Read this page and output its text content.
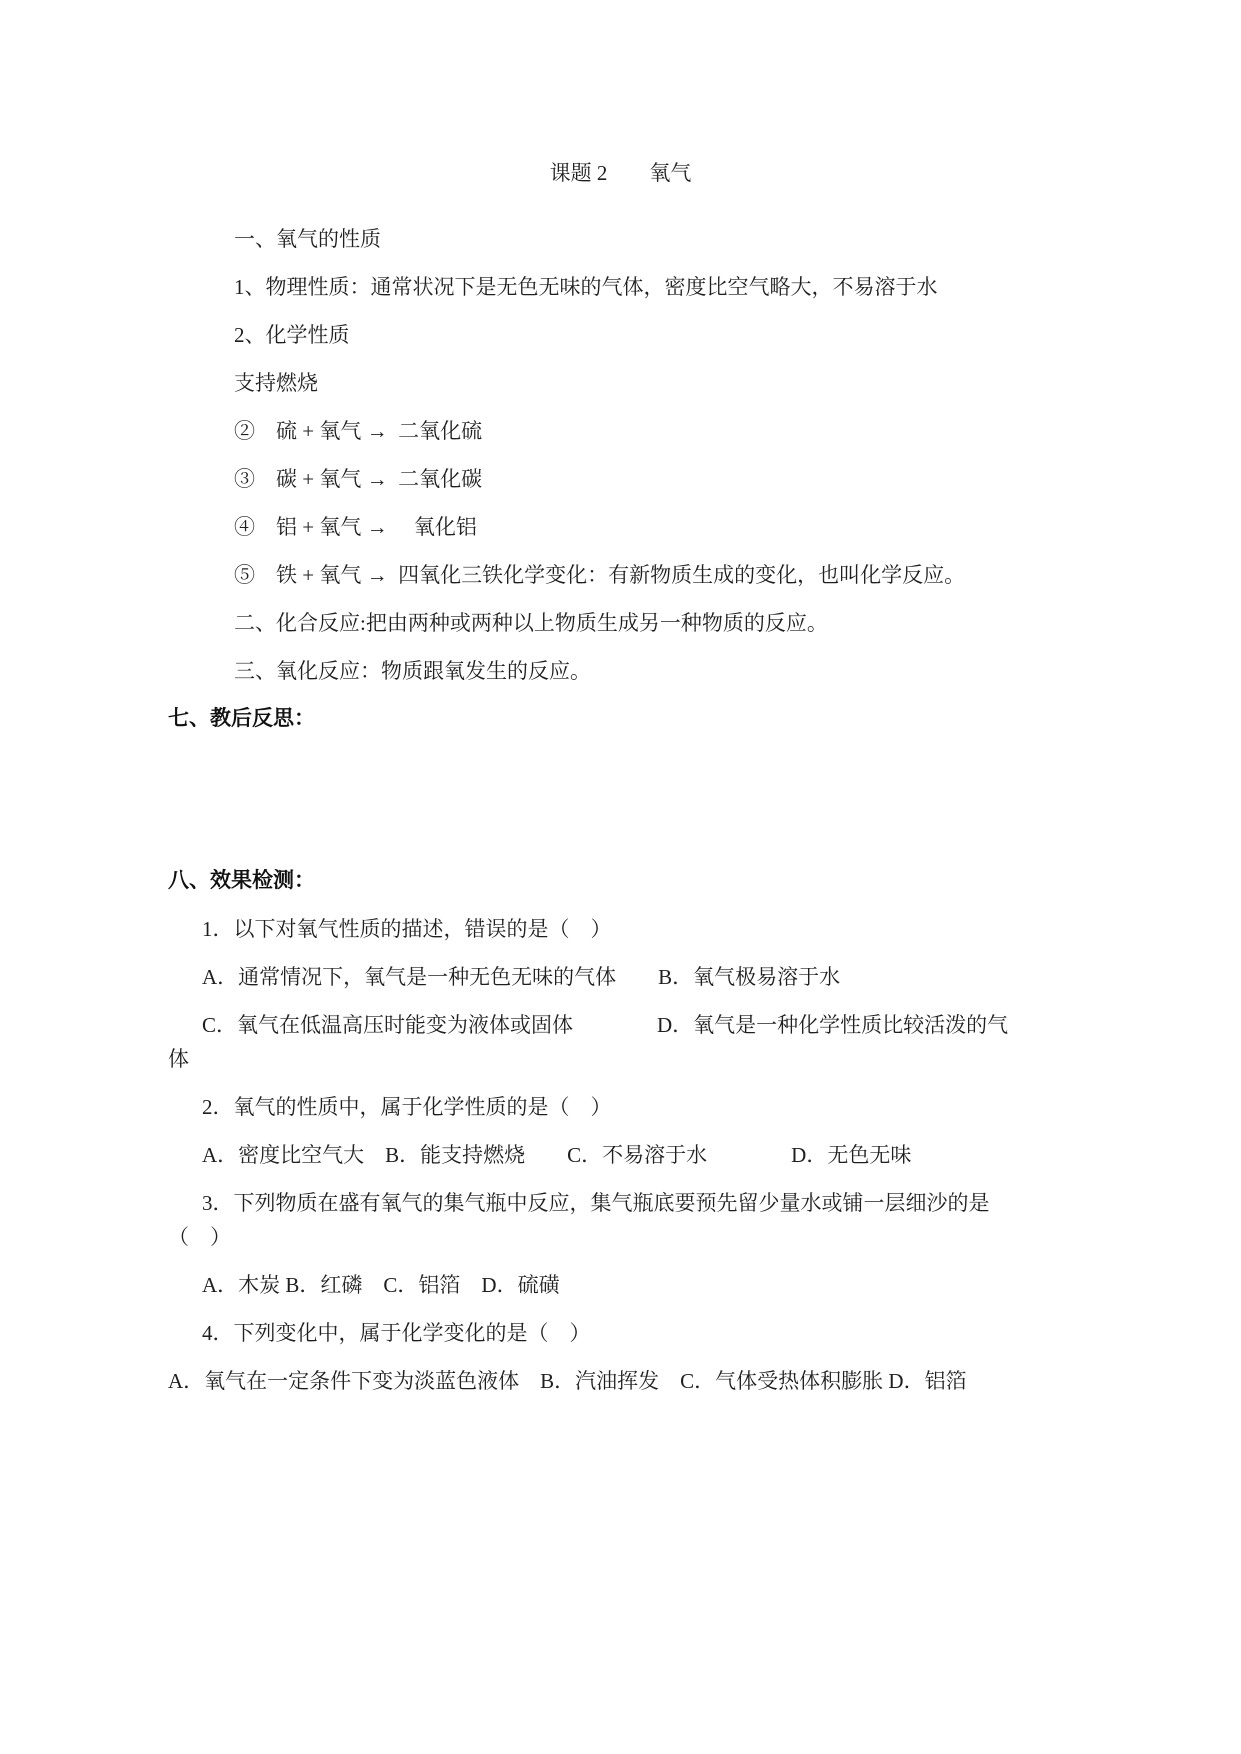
课题 2　　氧气

一、氧气的性质

1、物理性质：通常状况下是无色无味的气体，密度比空气略大，不易溶于水

2、化学性质

支持燃烧

②　硫 + 氧气 →  二氧化硫

③　碳 + 氧气 →  二氧化碳

④　铝 + 氧气 →　 氧化铝

⑤　铁 + 氧气 →  四氧化三铁化学变化：有新物质生成的变化，也叫化学反应。

二、化合反应:把由两种或两种以上物质生成另一种物质的反应。

三、氧化反应：物质跟氧发生的反应。

七、教后反思：

八、效果检测：

1．以下对氧气性质的描述，错误的是（　）

A．通常情况下，氧气是一种无色无味的气体　　B．氧气极易溶于水

C．氧气在低温高压时能变为液体或固体　　　　D．氧气是一种化学性质比较活泼的气

体

2．氧气的性质中，属于化学性质的是（　）

A．密度比空气大　B．能支持燃烧　　C．不易溶于水　　　　D．无色无味

3．下列物质在盛有氧气的集气瓶中反应，集气瓶底要预先留少量水或铺一层细沙的是

（　）

A．木炭 B．红磷　C．铝箔　D．硫磺

4．下列变化中，属于化学变化的是（　）

A．氧气在一定条件下变为淡蓝色液体　B．汽油挥发　C．气体受热体积膨胀 D．铝箔
